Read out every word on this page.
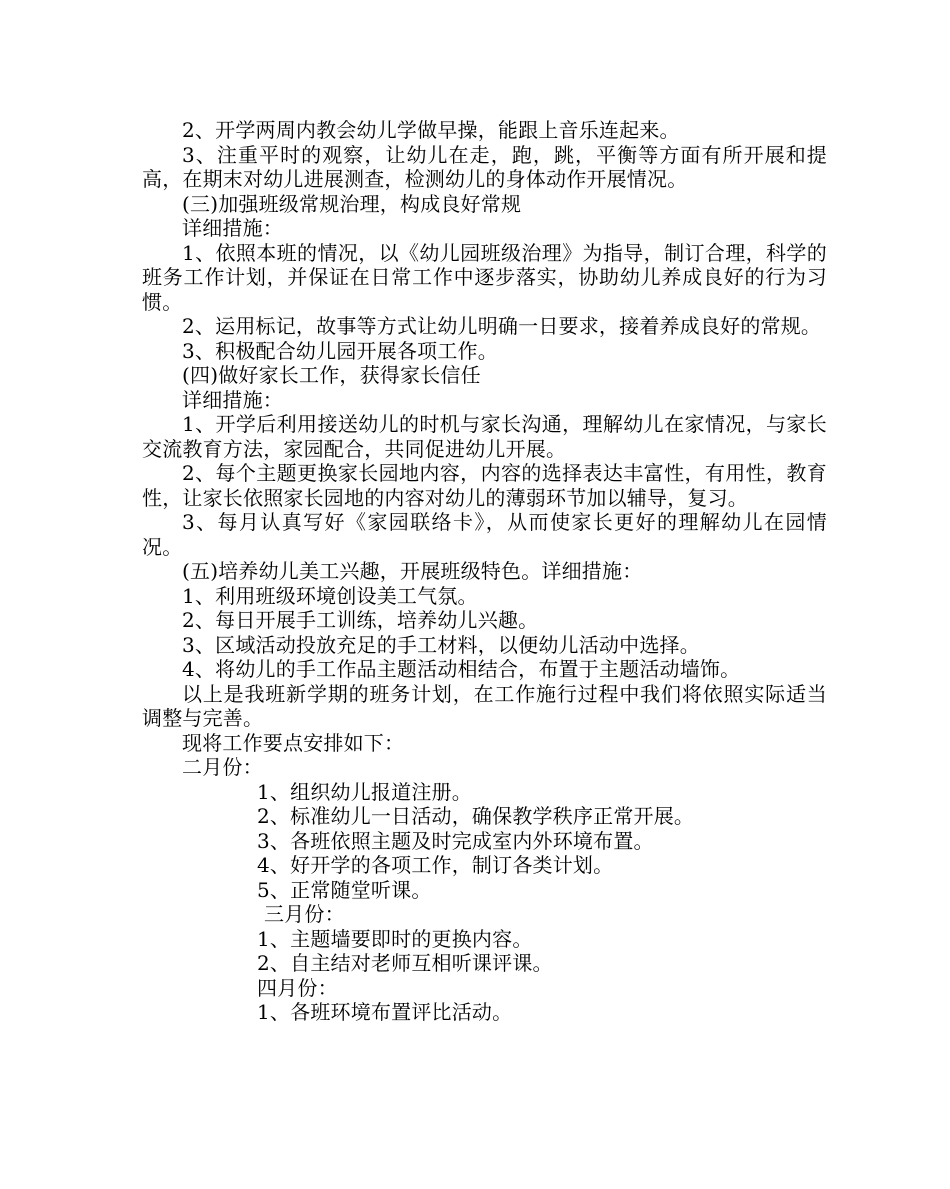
2、开学两周内教会幼儿学做早操，能跟上音乐连起来。

3、注重平时的观察，让幼儿在走，跑，跳，平衡等方面有所开展和提高，在期末对幼儿进展测查，检测幼儿的身体动作开展情况。

(三)加强班级常规治理，构成良好常规

详细措施：

1、依照本班的情况，以《幼儿园班级治理》为指导，制订合理，科学的班务工作计划，并保证在日常工作中逐步落实，协助幼儿养成良好的行为习惯。

2、运用标记，故事等方式让幼儿明确一日要求，接着养成良好的常规。

3、积极配合幼儿园开展各项工作。

(四)做好家长工作，获得家长信任

详细措施：

1、开学后利用接送幼儿的时机与家长沟通，理解幼儿在家情况，与家长交流教育方法，家园配合，共同促进幼儿开展。

2、每个主题更换家长园地内容，内容的选择表达丰富性，有用性，教育性，让家长依照家长园地的内容对幼儿的薄弱环节加以辅导，复习。

3、每月认真写好《家园联络卡》，从而使家长更好的理解幼儿在园情况。

(五)培养幼儿美工兴趣，开展班级特色。详细措施：

1、利用班级环境创设美工气氛。

2、每日开展手工训练，培养幼儿兴趣。

3、区域活动投放充足的手工材料，以便幼儿活动中选择。

4、将幼儿的手工作品主题活动相结合，布置于主题活动墙饰。

以上是我班新学期的班务计划，在工作施行过程中我们将依照实际适当调整与完善。

现将工作要点安排如下：

二月份：

1、组织幼儿报道注册。

2、标准幼儿一日活动，确保教学秩序正常开展。

3、各班依照主题及时完成室内外环境布置。

4、好开学的各项工作，制订各类计划。

5、正常随堂听课。

三月份：

1、主题墙要即时的更换内容。

2、自主结对老师互相听课评课。

四月份：

1、各班环境布置评比活动。
